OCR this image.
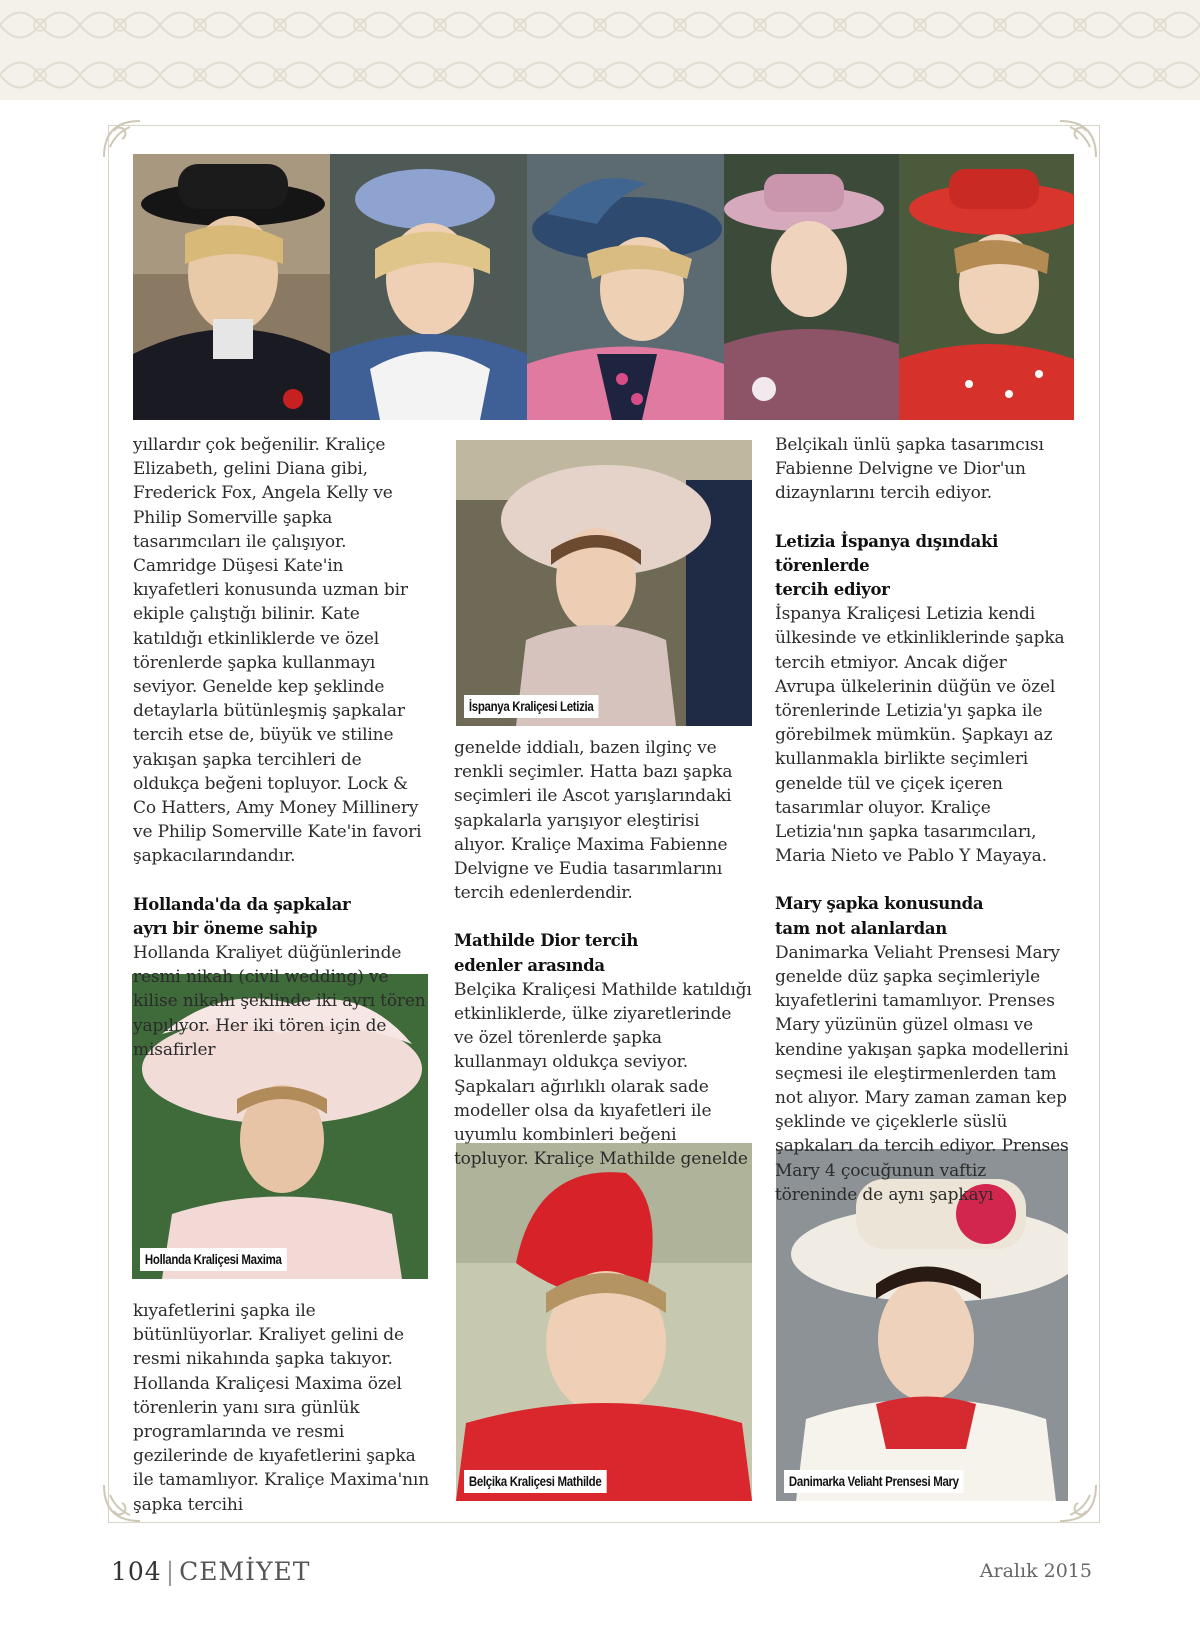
İspanya Kraliçesi Letizia
Hollanda Kraliçesi Maxima
Belçika Kraliçesi Mathilde	Danimarka Veliaht Prensesi Mary

yıllardır çok beğenilir. Kraliçe Elizabeth, gelini Diana gibi, Frederick Fox, Angela Kelly ve Philip Somerville şapka tasarımcıları ile çalışıyor. Camridge Düşesi Kate'in kıyafetleri konusunda uzman bir ekiple çalıştığı bilinir. Kate katıldığı etkinliklerde ve özel törenlerde şapka kullanmayı seviyor. Genelde kep şeklinde detaylarla bütünleşmiş şapkalar tercih etse de, büyük ve stiline yakışan şapka tercihleri de oldukça beğeni topluyor. Lock & Co Hatters, Amy Money Millinery ve Philip Somerville Kate'in favori şapkacılarındandır.

Hollanda'da da şapkalar
ayrı bir öneme sahip

Hollanda Kraliyet düğünlerinde resmi nikah (civil wedding) ve kilise nikahı şeklinde iki ayrı tören yapılıyor. Her iki tören için de misafirler

kıyafetlerini şapka ile bütünlüyorlar. Kraliyet gelini de resmi nikahında şapka takıyor.

Hollanda Kraliçesi Maxima özel törenlerin yanı sıra günlük programlarında ve resmi gezilerinde de kıyafetlerini şapka ile tamamlıyor. Kraliçe Maxima'nın şapka tercihi

genelde iddialı, bazen ilginç ve renkli seçimler. Hatta bazı şapka seçimleri ile Ascot yarışlarındaki şapkalarla yarışıyor eleştirisi alıyor. Kraliçe Maxima Fabienne Delvigne ve Eudia tasarımlarını tercih edenlerdendir.

Mathilde Dior tercih
edenler arasında

Belçika Kraliçesi Mathilde katıldığı etkinliklerde, ülke ziyaretlerinde ve özel törenlerde şapka kullanmayı oldukça seviyor. Şapkaları ağırlıklı olarak sade modeller olsa da kıyafetleri ile uyumlu kombinleri beğeni topluyor. Kraliçe Mathilde genelde

Belçikalı ünlü şapka tasarımcısı Fabienne Delvigne ve Dior'un dizaynlarını tercih ediyor.

Letizia İspanya dışındaki törenlerde
tercih ediyor

İspanya Kraliçesi Letizia kendi ülkesinde ve etkinliklerinde şapka tercih etmiyor. Ancak diğer Avrupa ülkelerinin düğün ve özel törenlerinde Letizia'yı şapka ile görebilmek mümkün. Şapkayı az kullanmakla birlikte seçimleri genelde tül ve çiçek içeren tasarımlar oluyor. Kraliçe Letizia'nın şapka tasarımcıları, Maria Nieto ve Pablo Y Mayaya.

Mary şapka konusunda
tam not alanlardan

Danimarka Veliaht Prensesi Mary genelde düz şapka seçimleriyle kıyafetlerini tamamlıyor. Prenses Mary yüzünün güzel olması ve kendine yakışan şapka modellerini seçmesi ile eleştirmenlerden tam not alıyor. Mary zaman zaman kep şeklinde ve çiçeklerle süslü şapkaları da tercih ediyor. Prenses Mary 4 çocuğunun vaftiz töreninde de aynı şapkayı

104 | CEMİYET	Aralık 2015
